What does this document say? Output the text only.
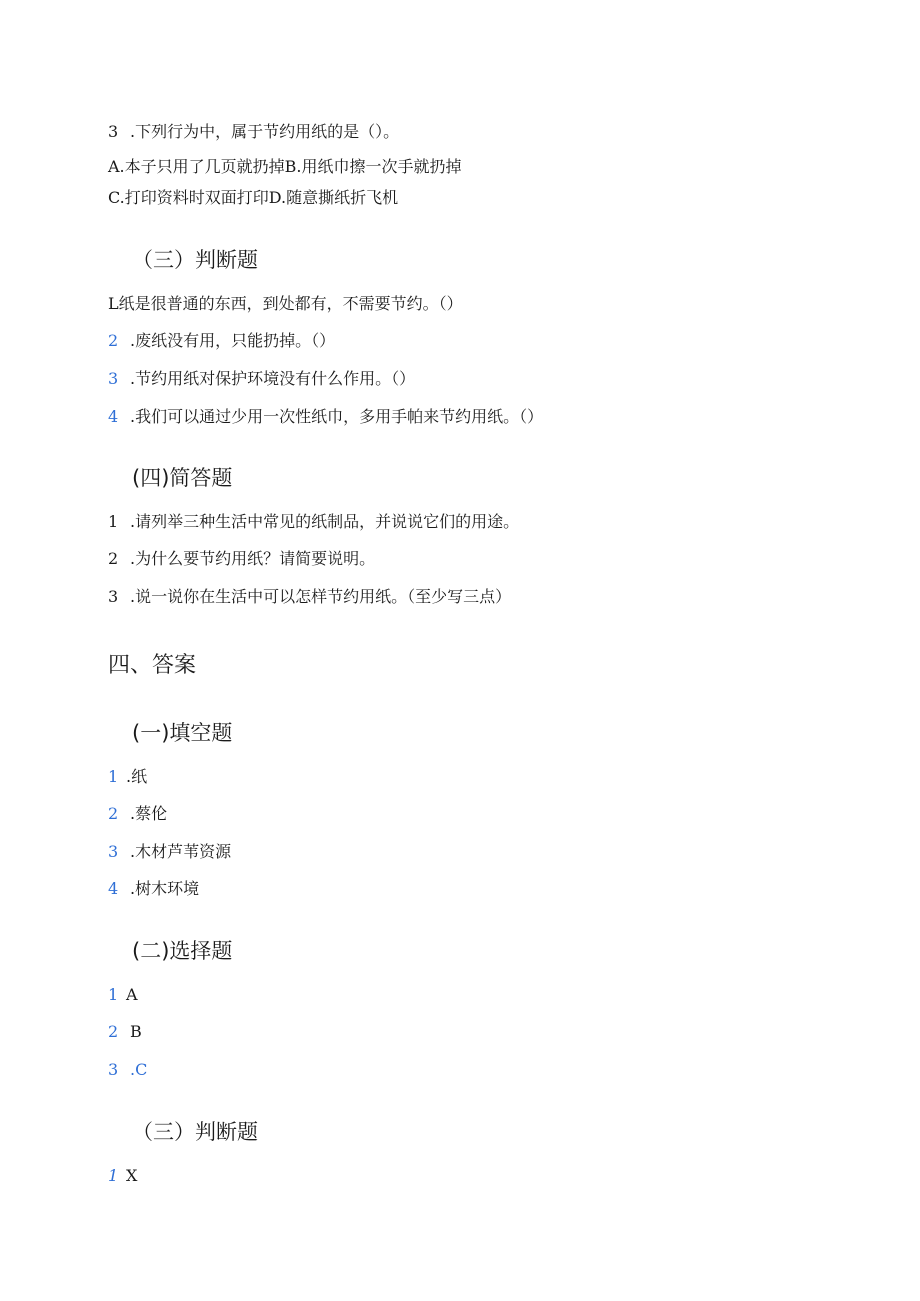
3 .下列行为中，属于节约用纸的是（）。
A.本子只用了几页就扔掉B.用纸巾擦一次手就扔掉
C.打印资料时双面打印D.随意撕纸折飞机
（三）判断题
L纸是很普通的东西，到处都有，不需要节约。（）
2 .废纸没有用，只能扔掉。（）
3 .节约用纸对保护环境没有什么作用。（）
4 .我们可以通过少用一次性纸巾，多用手帕来节约用纸。（）
(四)简答题
1 .请列举三种生活中常见的纸制品，并说说它们的用途。
2 .为什么要节约用纸？请简要说明。
3 .说一说你在生活中可以怎样节约用纸。（至少写三点）
四、答案
(一)填空题
1 .纸
2 .蔡伦
3 .木材芦苇资源
4 .树木环境
(二)选择题
1 A
2 B
3 .C
（三）判断题
1 X
